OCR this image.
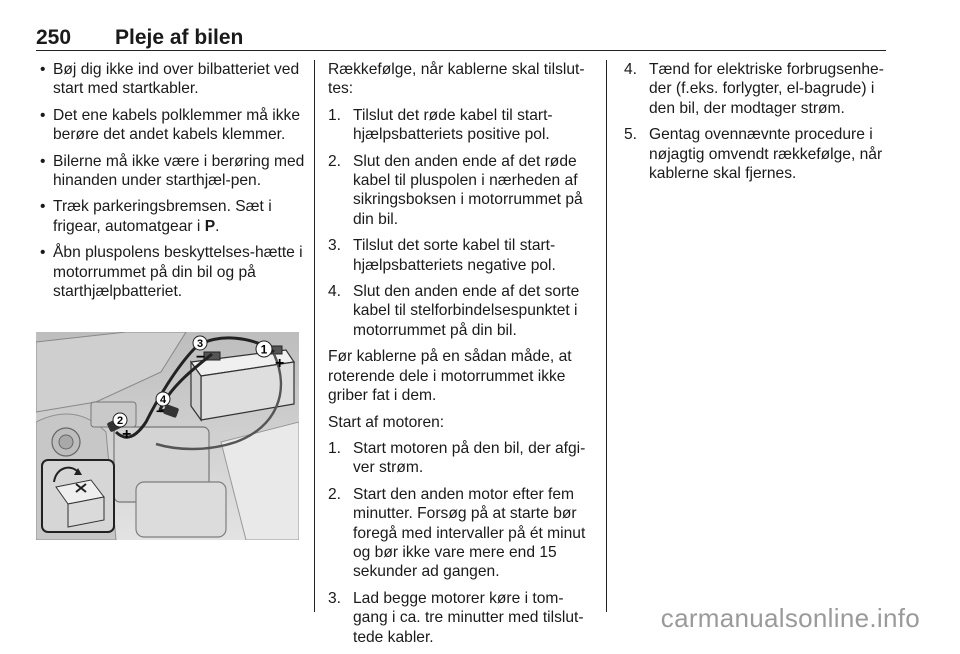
250 Pleje af bilen
• Bøj dig ikke ind over bilbatteriet ved start med startkabler.
• Det ene kabels polklemmer må ikke berøre det andet kabels klemmer.
• Bilerne må ikke være i berøring med hinanden under starthjæl-pen.
• Træk parkeringsbremsen. Sæt i frigear, automatgear i P.
• Åbn pluspolens beskyttelses-hætte i motorrummet på din bil og på starthjælpbatteriet.
1
2
3
4
+
−
+
−

Rækkefølge, når kablerne skal tilslut-tes:

1. Tilslut det røde kabel til start-hjælpsbatteriets positive pol.
2. Slut den anden ende af det røde kabel til pluspolen i nærheden af sikringsboksen i motorrummet på din bil.
3. Tilslut det sorte kabel til start-hjælpsbatteriets negative pol.
4. Slut den anden ende af det sorte kabel til stelforbindelsespunktet i motorrummet på din bil.

Før kablerne på en sådan måde, at roterende dele i motorrummet ikke griber fat i dem.

Start af motoren:

1. Start motoren på den bil, der afgi-ver strøm.
2. Start den anden motor efter fem minutter. Forsøg på at starte bør foregå med intervaller på ét minut og bør ikke vare mere end 15 sekunder ad gangen.
3. Lad begge motorer køre i tom-gang i ca. tre minutter med tilslut-tede kabler.
4. Tænd for elektriske forbrugsenhe-der (f.eks. forlygter, el-bagrude) i den bil, der modtager strøm.
5. Gentag ovennævnte procedure i nøjagtig omvendt rækkefølge, når kablerne skal fjernes.
carmanualsonline.info
